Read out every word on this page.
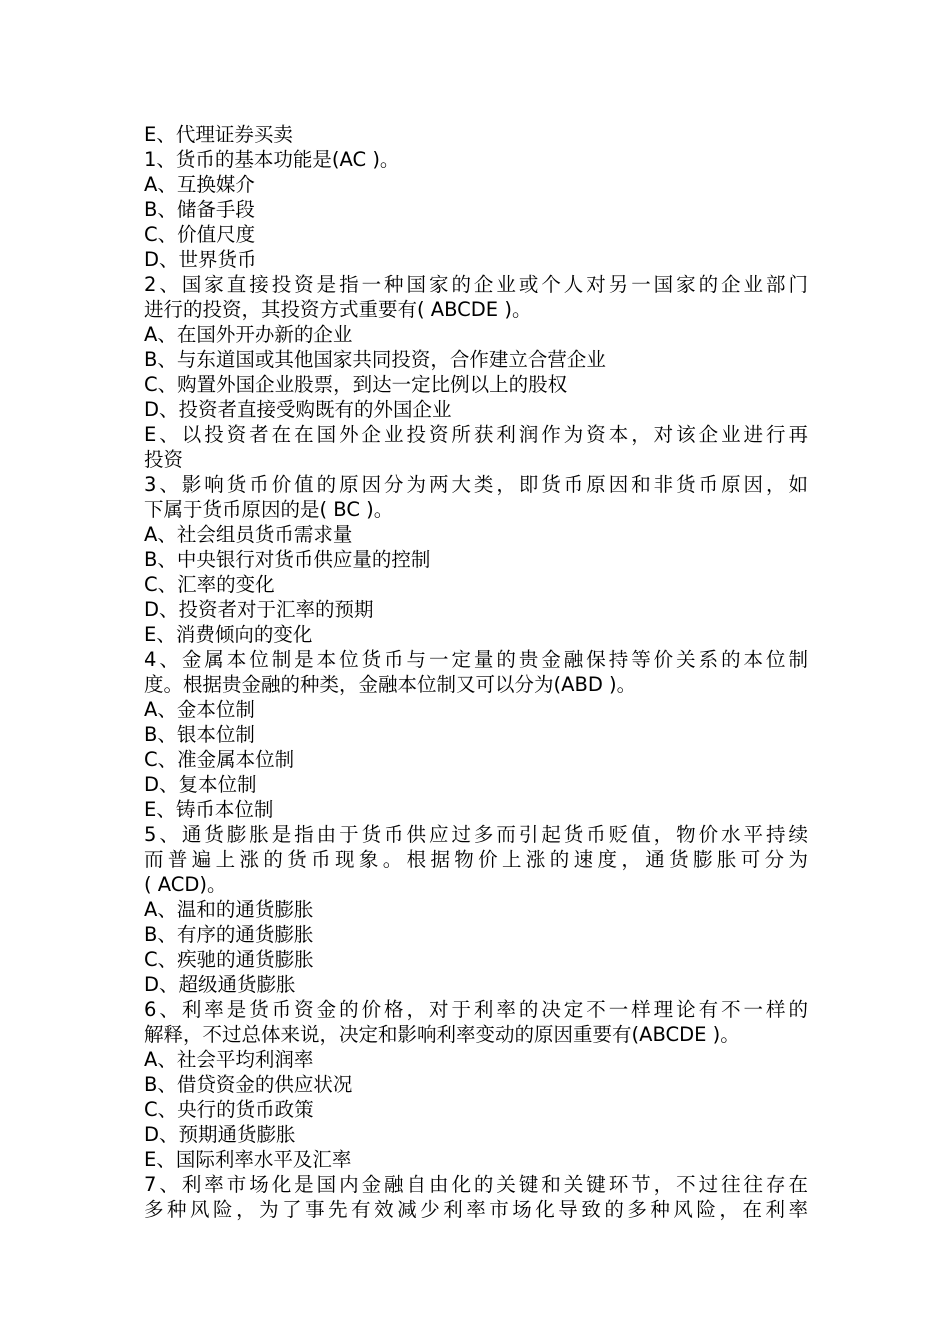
E、代理证券买卖
1、货币的基本功能是(AC )。
A、互换媒介
B、储备手段
C、价值尺度
D、世界货币
2、国家直接投资是指一种国家的企业或个人对另一国家的企业部门
进行的投资，其投资方式重要有( ABCDE )。
A、在国外开办新的企业
B、与东道国或其他国家共同投资，合作建立合营企业
C、购置外国企业股票，到达一定比例以上的股权
D、投资者直接受购既有的外国企业
E、以投资者在在国外企业投资所获利润作为资本，对该企业进行再
投资
3、影响货币价值的原因分为两大类，即货币原因和非货币原因，如
下属于货币原因的是( BC )。
A、社会组员货币需求量
B、中央银行对货币供应量的控制
C、汇率的变化
D、投资者对于汇率的预期
E、消费倾向的变化
4、金属本位制是本位货币与一定量的贵金融保持等价关系的本位制
度。根据贵金融的种类，金融本位制又可以分为(ABD )。
A、金本位制
B、银本位制
C、准金属本位制
D、复本位制
E、铸币本位制
5、通货膨胀是指由于货币供应过多而引起货币贬值，物价水平持续
而普遍上涨的货币现象。根据物价上涨的速度，通货膨胀可分为
( ACD)。
A、温和的通货膨胀
B、有序的通货膨胀
C、疾驰的通货膨胀
D、超级通货膨胀
6、利率是货币资金的价格，对于利率的决定不一样理论有不一样的
解释，不过总体来说，决定和影响利率变动的原因重要有(ABCDE )。
A、社会平均利润率
B、借贷资金的供应状况
C、央行的货币政策
D、预期通货膨胀
E、国际利率水平及汇率
7、利率市场化是国内金融自由化的关键和关键环节，不过往往存在
多种风险，为了事先有效减少利率市场化导致的多种风险，在利率
